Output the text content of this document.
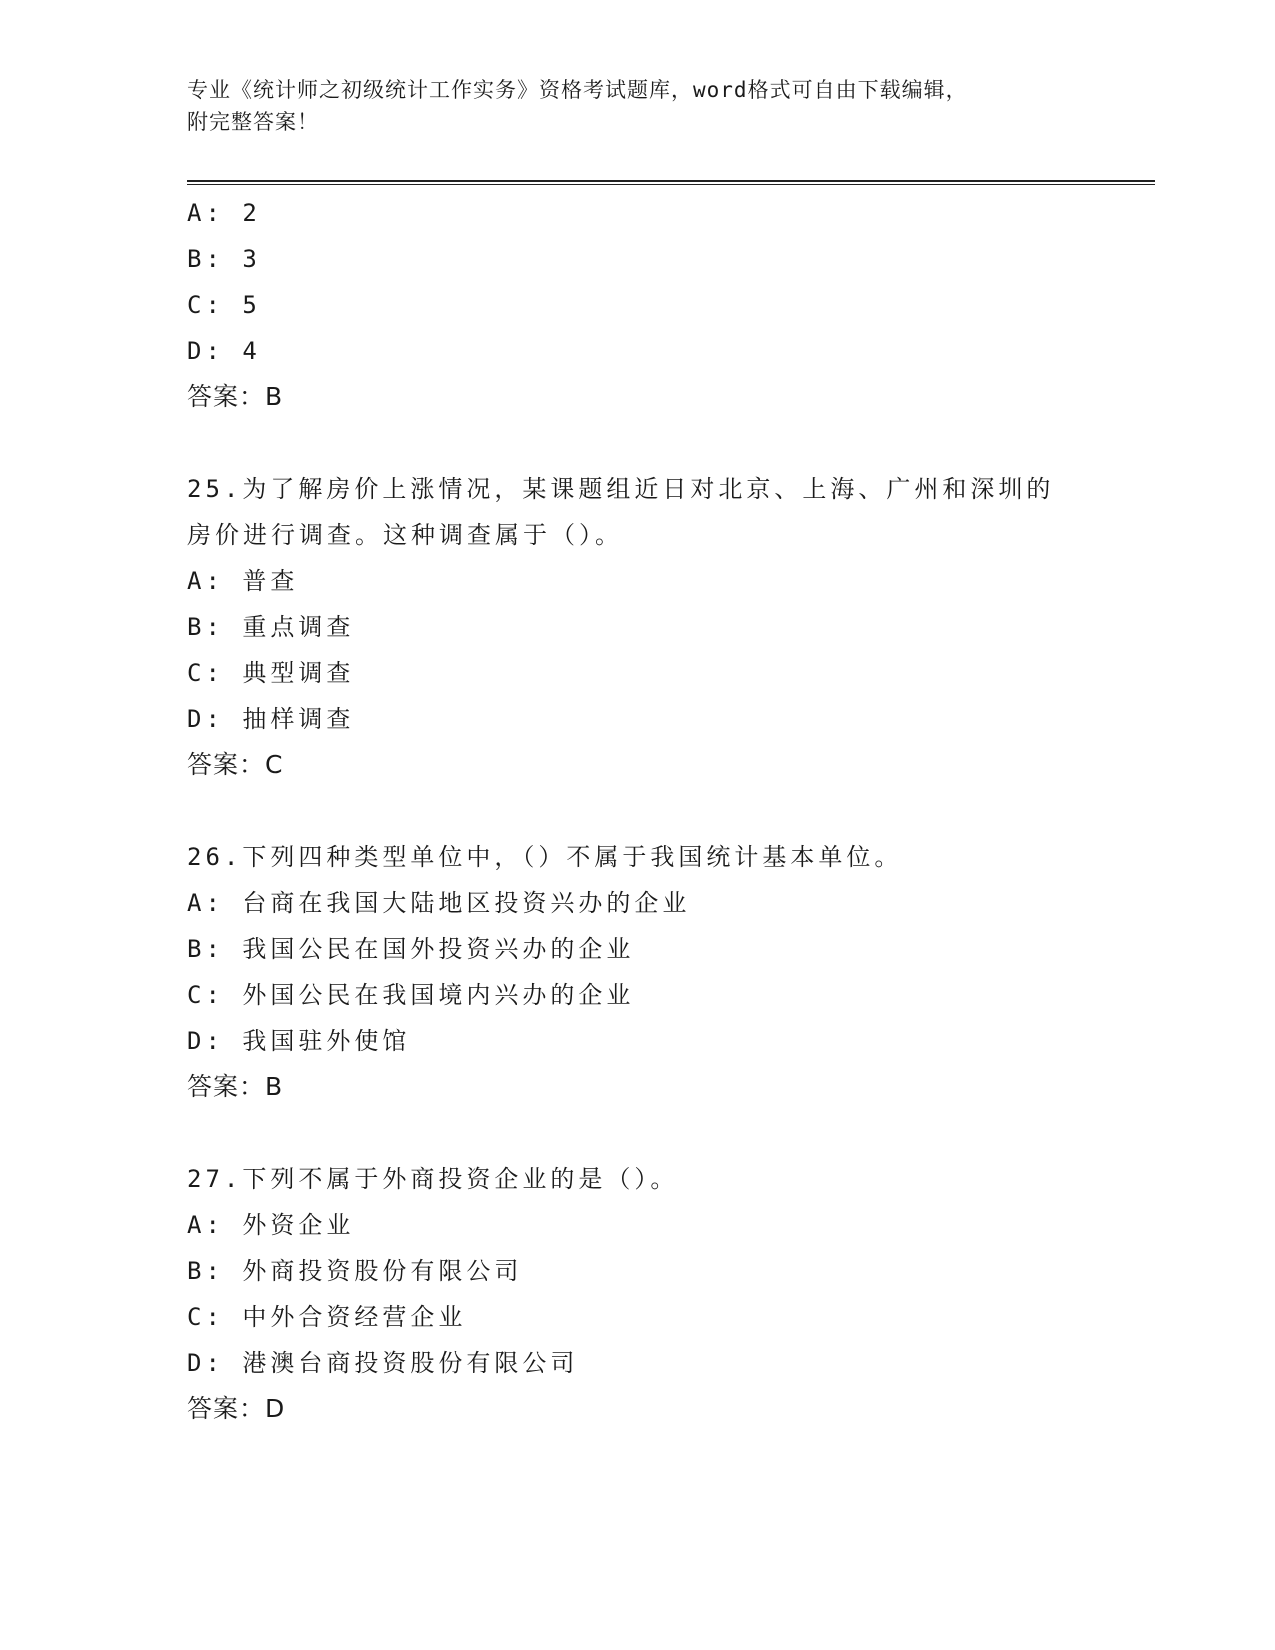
专业《统计师之初级统计工作实务》资格考试题库，word格式可自由下载编辑，
附完整答案！
A: 2
B: 3
C: 5
D: 4
答案：B
25.为了解房价上涨情况，某课题组近日对北京、上海、广州和深圳的
房价进行调查。这种调查属于（）。
A: 普查
B: 重点调查
C: 典型调查
D: 抽样调查
答案：C
26.下列四种类型单位中，（）不属于我国统计基本单位。
A: 台商在我国大陆地区投资兴办的企业
B: 我国公民在国外投资兴办的企业
C: 外国公民在我国境内兴办的企业
D: 我国驻外使馆
答案：B
27.下列不属于外商投资企业的是（）。
A: 外资企业
B: 外商投资股份有限公司
C: 中外合资经营企业
D: 港澳台商投资股份有限公司
答案：D
